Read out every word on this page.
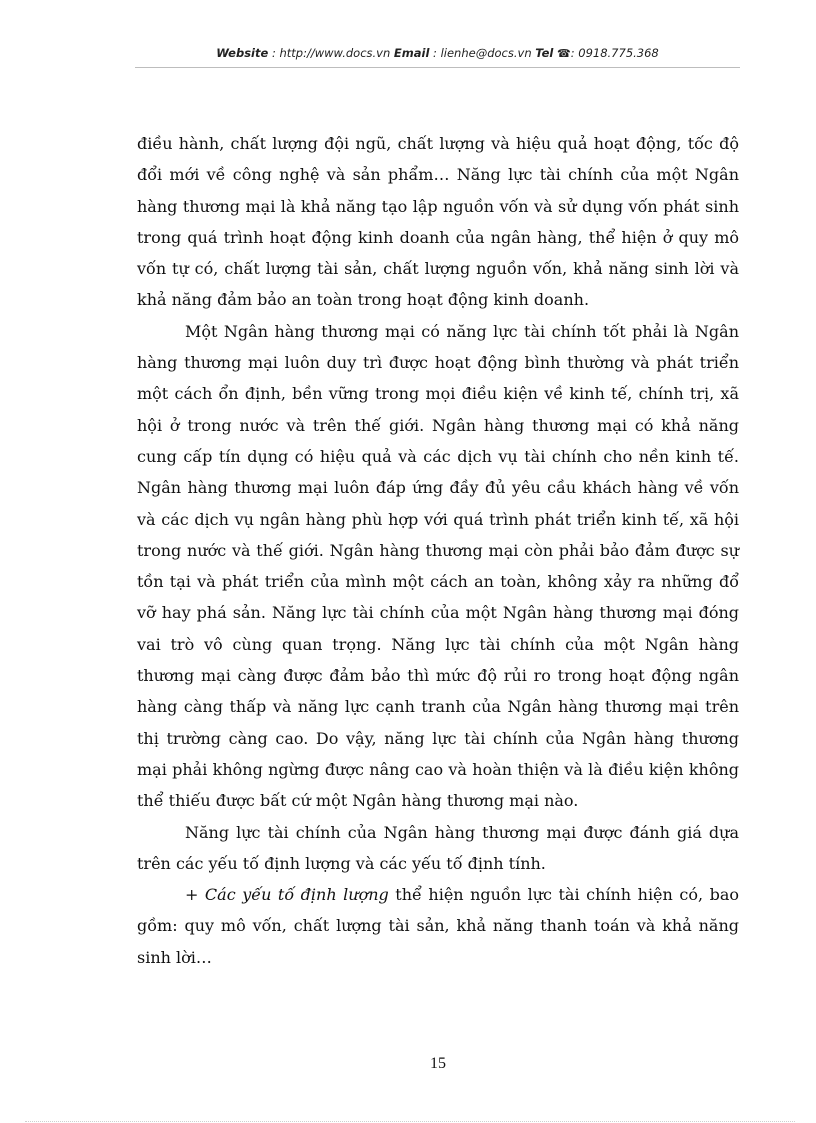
Website : http://www.docs.vn Email : lienhe@docs.vn Tel ☎: 0918.775.368

điều hành, chất lượng đội ngũ, chất lượng và hiệu quả hoạt động, tốc độ đổi mới về công nghệ và sản phẩm… Năng lực tài chính của một Ngân hàng thương mại là khả năng tạo lập nguồn vốn và sử dụng vốn phát sinh trong quá trình hoạt động kinh doanh của ngân hàng, thể hiện ở quy mô vốn tự có, chất lượng tài sản, chất lượng nguồn vốn, khả năng sinh lời và khả năng đảm bảo an toàn trong hoạt động kinh doanh.

Một Ngân hàng thương mại có năng lực tài chính tốt phải là Ngân hàng thương mại luôn duy trì được hoạt động bình thường và phát triển một cách ổn định, bền vững trong mọi điều kiện về kinh tế, chính trị, xã hội ở trong nước và trên thế giới. Ngân hàng thương mại có khả năng cung cấp tín dụng có hiệu quả và các dịch vụ tài chính cho nền kinh tế. Ngân hàng thương mại luôn đáp ứng đầy đủ yêu cầu khách hàng về vốn và các dịch vụ ngân hàng phù hợp với quá trình phát triển kinh tế, xã hội trong nước và thế giới. Ngân hàng thương mại còn phải bảo đảm được sự tồn tại và phát triển của mình một cách an toàn, không xảy ra những đổ vỡ hay phá sản. Năng lực tài chính của một Ngân hàng thương mại đóng vai trò vô cùng quan trọng. Năng lực tài chính của một Ngân hàng thương mại càng được đảm bảo thì mức độ rủi ro trong hoạt động ngân hàng càng thấp và năng lực cạnh tranh của Ngân hàng thương mại trên thị trường càng cao. Do vậy, năng lực tài chính của Ngân hàng thương mại phải không ngừng được nâng cao và hoàn thiện và là điều kiện không thể thiếu được bất cứ một Ngân hàng thương mại nào.

Năng lực tài chính của Ngân hàng thương mại được đánh giá dựa trên các yếu tố định lượng và các yếu tố định tính.

+ Các yếu tố định lượng thể hiện nguồn lực tài chính hiện có, bao gồm: quy mô vốn, chất lượng tài sản, khả năng thanh toán và khả năng sinh lời…

15
